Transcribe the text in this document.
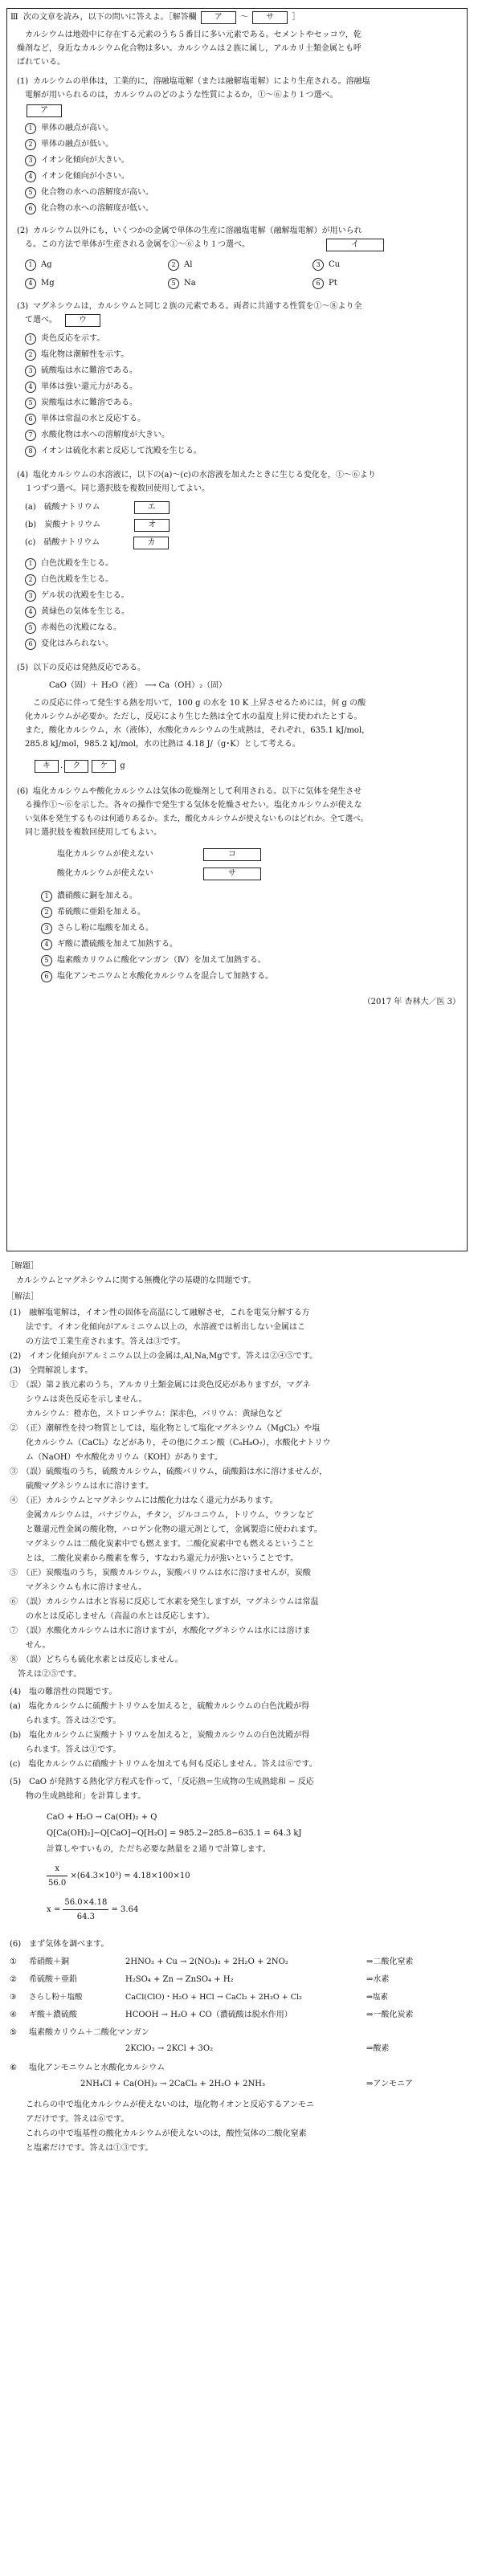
Ⅲ 次の文章を読み，以下の問いに答えよ。［解答欄 ア ～ サ ］
カルシウムは地殻中に存在する元素のうち５番目に多い元素である。セメントやセッコウ，乾
燥剤など，身近なカルシウム化合物は多い。カルシウムは２族に属し，アルカリ土類金属とも呼
ばれている。
(1) カルシウムの単体は，工業的に，溶融塩電解（または融解塩電解）により生産される。溶融塩
電解が用いられるのは，カルシウムのどのような性質によるか，①～⑥より１つ選べ。
ア
1 単体の融点が高い。
2 単体の融点が低い。
3 イオン化傾向が大きい。
4 イオン化傾向が小さい。
5 化合物の水への溶解度が高い。
6 化合物の水への溶解度が低い。
(2) カルシウム以外にも，いくつかの金属で単体の生産に溶融塩電解（融解塩電解）が用いられ
る。この方法で単体が生産される金属を①～⑥より１つ選べ。	イ
1 Ag	2 Al	3 Cu
4 Mg	5 Na	6 Pt
(3) マグネシウムは，カルシウムと同じ２族の元素である。両者に共通する性質を①～⑧より全
て選べ。	ウ
1 炎色反応を示す。
2 塩化物は潮解性を示す。
3 硫酸塩は水に難溶である。
4 単体は強い還元力がある。
5 炭酸塩は水に難溶である。
6 単体は常温の水と反応する。
7 水酸化物は水への溶解度が大きい。
8 イオンは硫化水素と反応して沈殿を生じる。
(4) 塩化カルシウムの水溶液に，以下の(a)～(c)の水溶液を加えたときに生じる変化を，①～⑥より
１つずつ選べ。同じ選択肢を複数回使用してよい。
(a)　 硫酸ナトリウム	エ
(b)　 炭酸ナトリウム	オ
(c)　 硝酸ナトリウム	カ
1 白色沈殿を生じる。
2 白色沈殿を生じる。
3 ゲル状の沈殿を生じる。
4 黄緑色の気体を生じる。
5 赤褐色の沈殿になる。
6 変化はみられない。
(5) 以下の反応は発熱反応である。
CaO（固）＋ H₂O（液） ⟶ Ca（OH）₂（固）
この反応に伴って発生する熱を用いて，100 g の水を 10 K 上昇させるためには，何 g の酸
化カルシウムが必要か。ただし，反応により生じた熱は全て水の温度上昇に使われたとする。
また，酸化カルシウム，水（液体），水酸化カルシウムの生成熱は，それぞれ，635.1 kJ/mol，
285.8 kJ/mol，985.2 kJ/mol，水の比熱は 4.18 J/（g･K）として考える。
キ . ク ケ g
(6) 塩化カルシウムや酸化カルシウムは気体の乾燥剤として利用される。以下に気体を発生させ
る操作①～⑥を示した。各々の操作で発生する気体を乾燥させたい。塩化カルシウムが使えな
い気体を発生するものは何通りあるか。また，酸化カルシウムが使えないものはどれか。全て選べ。
同じ選択肢を複数回使用してもよい。
塩化カルシウムが使えない	コ
酸化カルシウムが使えない	サ
1 濃硝酸に銅を加える。
2 希硫酸に亜鉛を加える。
3 さらし粉に塩酸を加える。
4 ギ酸に濃硫酸を加えて加熱する。
5 塩素酸カリウムに酸化マンガン（Ⅳ）を加えて加熱する。
6 塩化アンモニウムと水酸化カルシウムを混合して加熱する。
（2017 年 杏林大／医 3）
［解題］
カルシウムとマグネシウムに関する無機化学の基礎的な問題です。
［解法］
(1)　融解塩電解は，イオン性の固体を高温にして融解させ，これを電気分解する方
　　法です。イオン化傾向がアルミニウム以上の，水溶液では析出しない金属はこ
　　の方法で工業生産されます。答えは③です。
(2)　イオン化傾向がアルミニウム以上の金属は,Al,Na,Mgです。答えは②④⑤です。
(3)　全問解説します。
①　（誤）第２族元素のうち，アルカリ土類金属には炎色反応がありますが，マグネ
　　シウムは炎色反応を示しません。
　　カルシウム：橙赤色，ストロンチウム：深赤色，バリウム：黄緑色など
②　（正）潮解性を持つ物質としては，塩化物として塩化マグネシウム（MgCl₂）や塩
　　化カルシウム（CaCl₂）などがあり，その他にクエン酸（C₆H₈O₇），水酸化ナトリウ
　　ム（NaOH）や水酸化カリウム（KOH）があります。
③　（誤）硫酸塩のうち，硫酸カルシウム，硫酸バリウム，硫酸鉛は水に溶けませんが，
　　硫酸マグネシウムは水に溶けます。
④　（正）カルシウムとマグネシウムには酸化力はなく還元力があります。
　　金属カルシウムは，バナジウム，チタン，ジルコニウム，トリウム，ウランなど
　　と難還元性金属の酸化物，ハロゲン化物の還元剤として，金属製造に使われます。
　　マグネシウムは二酸化炭素中でも燃えます。二酸化炭素中でも燃えるということ
　　とは，二酸化炭素から酸素を奪う，すなわち還元力が強いということです。
⑤　（正）炭酸塩のうち，炭酸カルシウム，炭酸バリウムは水に溶けませんが，炭酸
　　マグネシウムも水に溶けません。
⑥　（誤）カルシウムは水と容易に反応して水素を発生しますが，マグネシウムは常温
　　の水とは反応しません（高温の水とは反応します）。
⑦　（誤）水酸化カルシウムは水に溶けますが，水酸化マグネシウムは水には溶けま
　　せん。
⑧　（誤）どちらも硫化水素とは反応しません。
　答えは②⑤です。
(4)　塩の難溶性の問題です。
(a)　塩化カルシウムに硫酸ナトリウムを加えると，硫酸カルシウムの白色沈殿が得
　　られます。答えは②です。
(b)　塩化カルシウムに炭酸ナトリウムを加えると，炭酸カルシウムの白色沈殿が得
　　られます。答えは①です。
(c)　塩化カルシウムに硝酸ナトリウムを加えても何も反応しません。答えは⑥です。
(5)　CaO が発熱する熱化学方程式を作って，「反応熱＝生成物の生成熱総和 − 反応
　　物の生成熱総和」を計算します。
CaO + H₂O → Ca(OH)₂ + Q
Q[Ca(OH)₂]−Q[CaO]−Q[H₂O] = 985.2−285.8−635.1 = 64.3 kJ
計算しやすいもの，ただち必要な熱量を２通りで計算します。
$\frac{x}{56.0} \times(64.3\times 10^3) = 4.18\times 100\times 10$
$x = \frac{56.0\times 4.18}{64.3} = 3.64$
(6)　まず気体を調べます。
① 希硝酸＋銅	2HNO₃ + Cu → 2(NO₃)₂ + 2H₂O + 2NO₂	⇒二酸化窒素
② 希硫酸＋亜鉛	H₂SO₄ + Zn → ZnSO₄ + H₂	⇒水素
③ さらし粉＋塩酸	CaCl(ClO)・H₂O + HCl → CaCl₂ + 2H₂O + Cl₂	⇒塩素
④ ギ酸＋濃硫酸	HCOOH → H₂O + CO（濃硫酸は脱水作用）	⇒一酸化炭素
⑤ 塩素酸カリウム＋二酸化マンガン
2KClO₃ → 2KCl + 3O₂	⇒酸素
⑥ 塩化アンモニウムと水酸化カルシウム
2NH₄Cl + Ca(OH)₂ → 2CaCl₂ + 2H₂O + 2NH₃	⇒アンモニア
　　これらの中で塩化カルシウムが使えないのは，塩化物イオンと反応するアンモニ
　　アだけです。答えは⑥です。
　　これらの中で塩基性の酸化カルシウムが使えないのは，酸性気体の二酸化窒素
　　と塩素だけです。答えは①③です。
